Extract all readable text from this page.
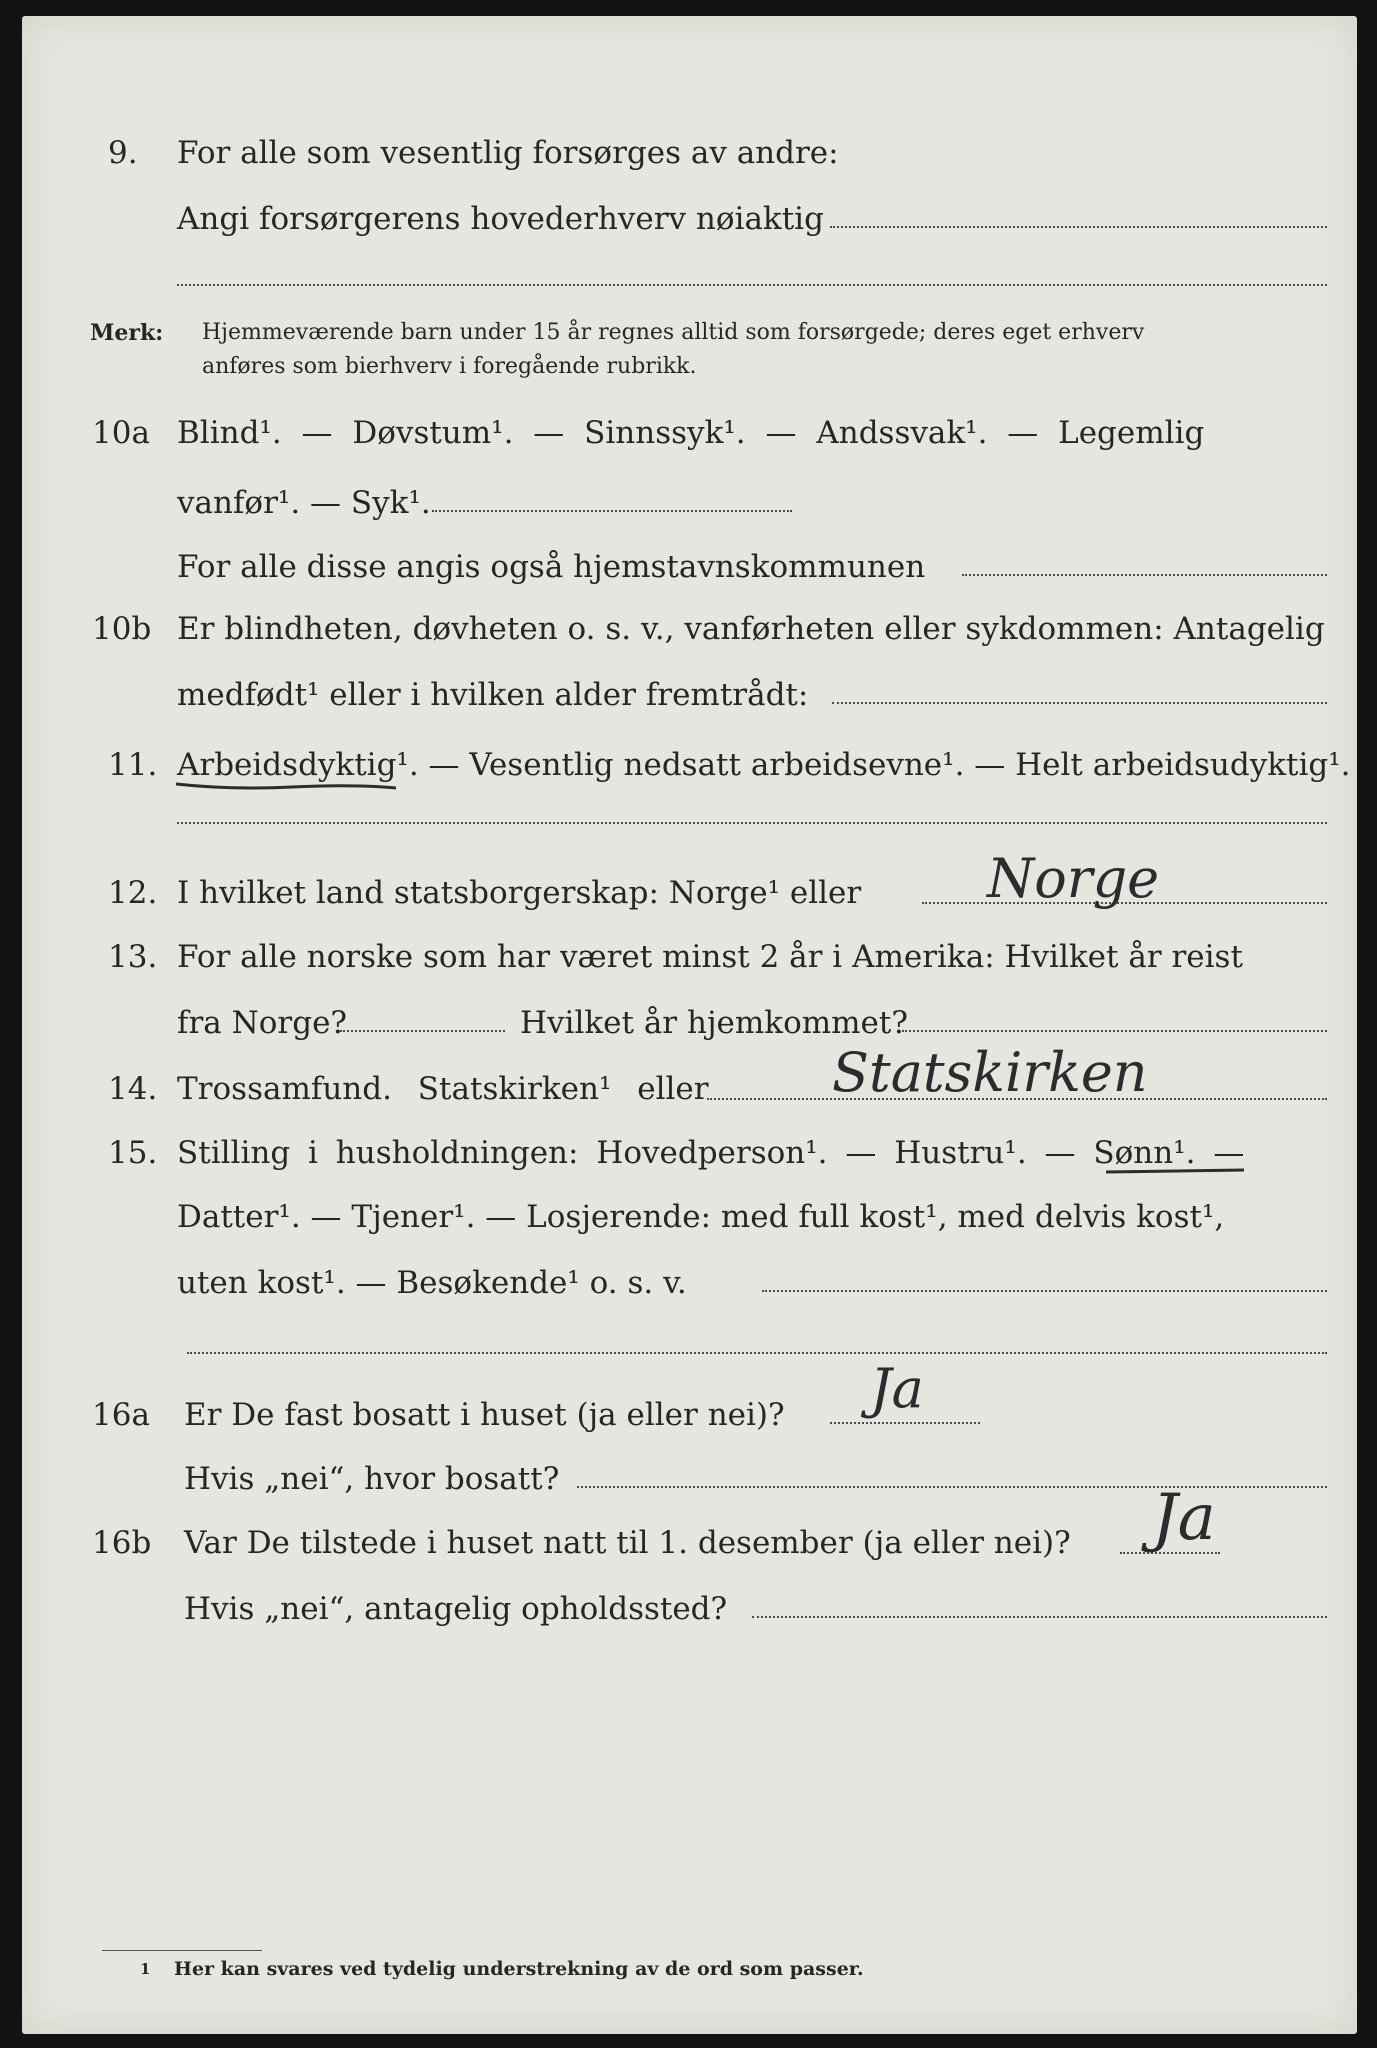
9. For alle som vesentlig forsørges av andre:
Angi forsørgerens hovederhverv nøiaktig
Merk: Hjemmeværende barn under 15 år regnes alltid som forsørgede; deres eget erhverv
anføres som bierhverv i foregående rubrikk.
10a Blind¹. — Døvstum¹. — Sinnssyk¹. — Andssvak¹. — Legemlig
vanfør¹. — Syk¹.
For alle disse angis også hjemstavnskommunen
10b Er blindheten, døvheten o. s. v., vanførheten eller sykdommen: Antagelig
medfødt¹ eller i hvilken alder fremtrådt:
11. Arbeidsdyktig¹. — Vesentlig nedsatt arbeidsevne¹. — Helt arbeidsudyktig¹.
12. I hvilket land statsborgerskap: Norge¹ eller Norge
13. For alle norske som har været minst 2 år i Amerika: Hvilket år reist
fra Norge?	Hvilket år hjemkommet?
14. Trossamfund. Statskirken¹ eller Statskirken
15. Stilling i husholdningen: Hovedperson¹. — Hustru¹. — Sønn¹. —
Datter¹. — Tjener¹. — Losjerende: med full kost¹, med delvis kost¹,
uten kost¹. — Besøkende¹ o. s. v.
16a Er De fast bosatt i huset (ja eller nei)? Ja
Hvis „nei“, hvor bosatt?
16b Var De tilstede i huset natt til 1. desember (ja eller nei)? Ja
Hvis „nei“, antagelig opholdssted?
1 Her kan svares ved tydelig understrekning av de ord som passer.
